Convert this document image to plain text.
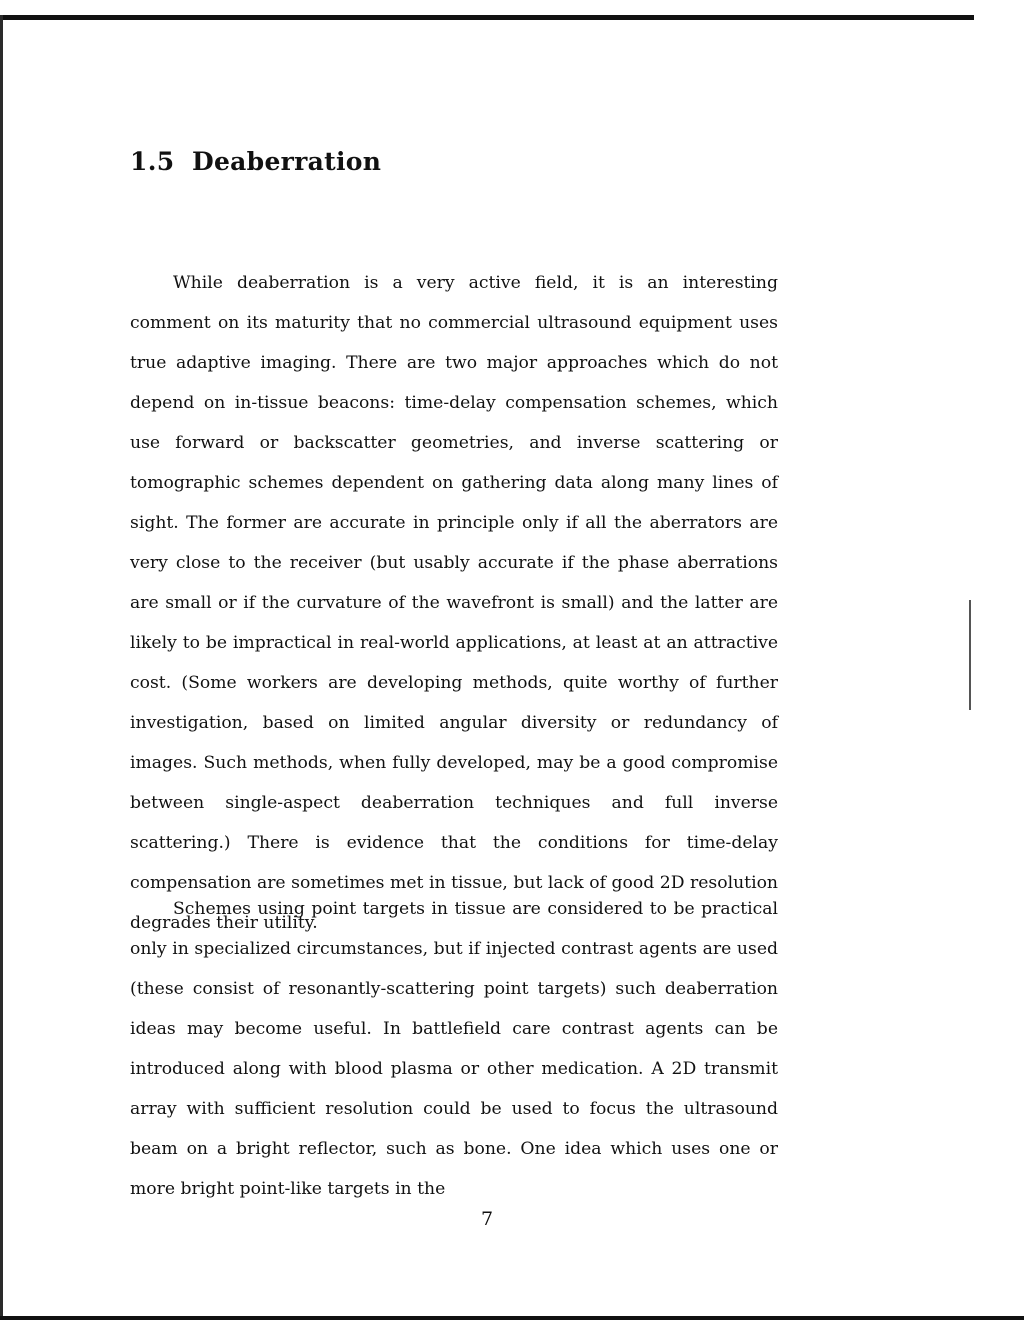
1.5 Deaberration

While deaberration is a very active field, it is an interesting comment on its maturity that no commercial ultrasound equipment uses true adaptive imaging. There are two major approaches which do not depend on in-tissue beacons: time-delay compensation schemes, which use forward or backscatter geometries, and inverse scattering or tomographic schemes dependent on gathering data along many lines of sight. The former are accurate in principle only if all the aberrators are very close to the receiver (but usably accurate if the phase aberrations are small or if the curvature of the wavefront is small) and the latter are likely to be impractical in real-world applications, at least at an attractive cost. (Some workers are developing methods, quite worthy of further investigation, based on limited angular diversity or redundancy of images. Such methods, when fully developed, may be a good compromise between single-aspect deaberration techniques and full inverse scattering.) There is evidence that the conditions for time-delay compensation are sometimes met in tissue, but lack of good 2D resolution degrades their utility.

Schemes using point targets in tissue are considered to be practical only in specialized circumstances, but if injected contrast agents are used (these consist of resonantly-scattering point targets) such deaberration ideas may become useful. In battlefield care contrast agents can be introduced along with blood plasma or other medication. A 2D transmit array with sufficient resolution could be used to focus the ultrasound beam on a bright reflector, such as bone. One idea which uses one or more bright point-like targets in the

7
